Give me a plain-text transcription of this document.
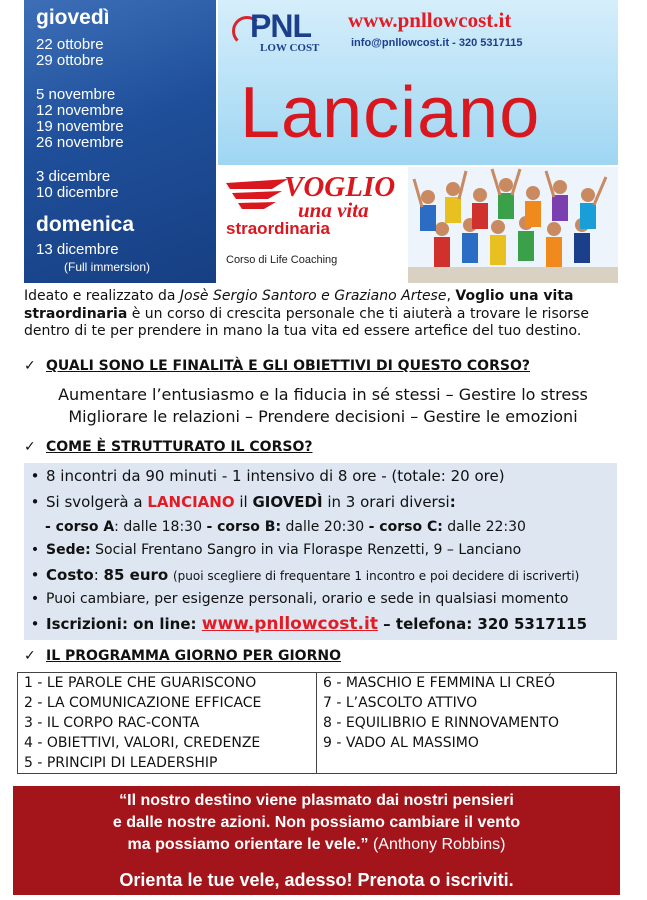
giovedì
22 ottobre
29 ottobre
5 novembre
12 novembre
19 novembre
26 novembre
3 dicembre
10 dicembre
domenica
13 dicembre
(Full immersion)
PNL
LOW COST
www.pnllowcost.it
info@pnllowcost.it - 320 5317115
Lanciano
VOGLIO
una vita
straordinaria
Corso di Life Coaching
Ideato e realizzato da Josè Sergio Santoro e Graziano Artese, Voglio una vita straordinaria è un corso di crescita personale che ti aiuterà a trovare le risorse dentro di te per prendere in mano la tua vita ed essere artefice del tuo destino.
✓ QUALI SONO LE FINALITÀ E GLI OBIETTIVI DI QUESTO CORSO?
Aumentare l’entusiasmo e la fiducia in sé stessi – Gestire lo stress
Migliorare le relazioni – Prendere decisioni – Gestire le emozioni
✓ COME È STRUTTURATO IL CORSO?
• 8 incontri da 90 minuti - 1 intensivo di 8 ore - (totale: 20 ore)
• Si svolgerà a LANCIANO il GIOVEDÌ in 3 orari diversi:
- corso A: dalle 18:30 - corso B: dalle 20:30 - corso C: dalle 22:30
• Sede: Social Frentano Sangro in via Floraspe Renzetti, 9 – Lanciano
• Costo: 85 euro (puoi scegliere di frequentare 1 incontro e poi decidere di iscriverti)
• Puoi cambiare, per esigenze personali, orario e sede in qualsiasi momento
• Iscrizioni: on line: www.pnllowcost.it – telefona: 320 5317115
✓ IL PROGRAMMA GIORNO PER GIORNO
1 - LE PAROLE CHE GUARISCONO
2 - LA COMUNICAZIONE EFFICACE
3 - IL CORPO RAC-CONTA
4 - OBIETTIVI, VALORI, CREDENZE
5 - PRINCIPI DI LEADERSHIP
6 - MASCHIO E FEMMINA LI CREÓ
7 - L’ASCOLTO ATTIVO
8 - EQUILIBRIO E RINNOVAMENTO
9 - VADO AL MASSIMO
“Il nostro destino viene plasmato dai nostri pensieri
e dalle nostre azioni. Non possiamo cambiare il vento
ma possiamo orientare le vele.” (Anthony Robbins)
Orienta le tue vele, adesso! Prenota o iscriviti.
